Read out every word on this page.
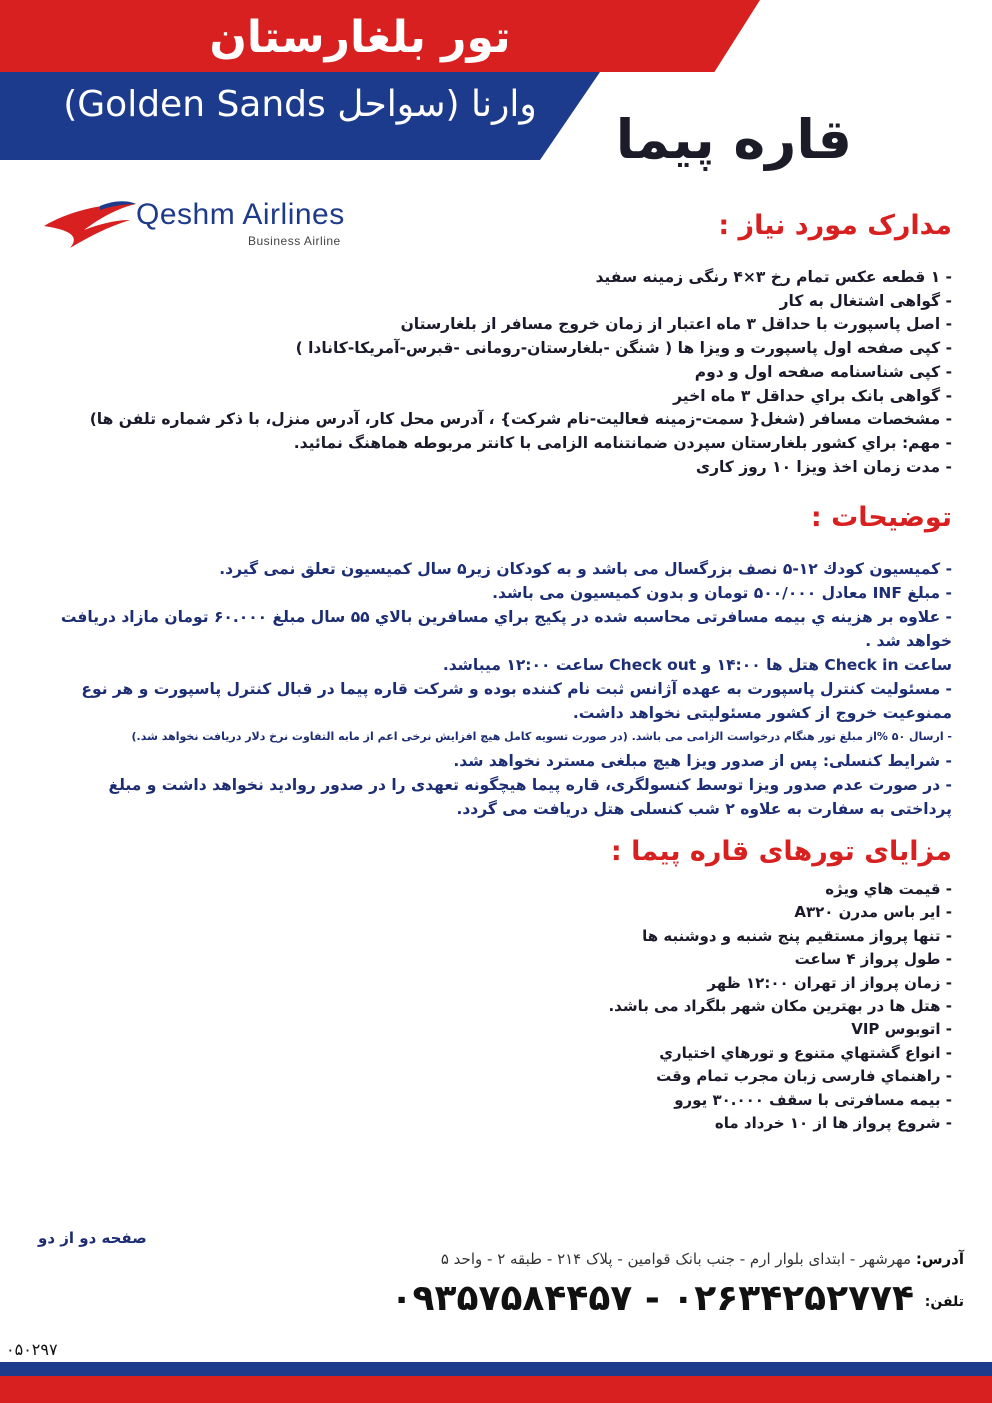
تور بلغارستان
وارنا (سواحل Golden Sands)
قاره پیما
Qeshm Airlines
Business Airline	مدارک مورد نیاز :
- ۱ قطعه عکس تمام رخ ۳×۴ رنگی زمینه سفید
- گواهی اشتغال به کار
- اصل پاسپورت با حداقل ۳ ماه اعتبار از زمان خروج مسافر از بلغارستان
- کپی صفحه اول پاسپورت و ویزا ها ( شنگن -بلغارستان-رومانی -قبرس-آمریکا-کانادا )
- کپی شناسنامه صفحه اول و دوم
- گواهی بانک براي حداقل ۳ ماه اخیر
- مشخصات مسافر (شغل{ سمت-زمینه فعالیت-نام شرکت} ، آدرس محل کار، آدرس منزل، با ذکر شماره تلفن ها)
- مهم: براي کشور بلغارستان سپردن ضمانتنامه الزامی با کانتر مربوطه هماهنگ نمائید.
- مدت زمان اخذ ویزا ۱۰ روز کاری
توضیحات :
- کمیسیون کودك ۱۲-۵ نصف بزرگسال می باشد و به کودکان زیر۵ سال کمیسیون تعلق نمی گیرد.
- مبلغ INF معادل ۵۰۰/۰۰۰ تومان و بدون کمیسیون می باشد.
- علاوه بر هزینه ي بیمه مسافرتی محاسبه شده در پکیج براي مسافرین بالاي ۵۵ سال مبلغ ۶۰.۰۰۰ تومان مازاد دریافت خواهد شد .
ساعت Check in هتل ها ۱۴:۰۰ و Check out ساعت ۱۲:۰۰ میباشد.
- مسئولیت کنترل پاسپورت به عهده آژانس ثبت نام کننده بوده و شرکت قاره پیما در قبال کنترل پاسپورت و هر نوع ممنوعیت خروج از کشور مسئولیتی نخواهد داشت.
- ارسال ۵۰ %از مبلغ تور هنگام درخواست الزامی می باشد. (در صورت تسویه کامل هیچ افزایش نرخی اعم از مابه التفاوت نرخ دلار دریافت نخواهد شد.)
- شرایط کنسلی: پس از صدور ویزا هیچ مبلغی مسترد نخواهد شد.
- در صورت عدم صدور ویزا توسط کنسولگری، قاره پیما هیچگونه تعهدی را در صدور روادید نخواهد داشت و مبلغ پرداختی به سفارت به علاوه ۲ شب کنسلی هتل دریافت می گردد.
مزایای تورهای قاره پیما :
- قیمت هاي ویژه
- ایر باس مدرن A۳۲۰
- تنها پرواز مستقیم پنج شنبه و دوشنبه ها
- طول پرواز ۴ ساعت
- زمان پرواز از تهران ۱۲:۰۰ ظهر
- هتل ها در بهترین مکان شهر بلگراد می باشد.
- اتوبوس VIP
- انواع گشتهاي متنوع و تورهاي اختیاري
- راهنماي فارسی زبان مجرب تمام وقت
- بیمه مسافرتی با سقف ۳۰.۰۰۰ یورو
- شروع پرواز ها از ۱۰ خرداد ماه
صفحه دو از دو
آدرس: مهرشهر - ابتدای بلوار ارم - جنب بانک قوامین - پلاک ۲۱۴ - طبقه ۲ - واحد ۵
تلفن:
۰۲۶۳۴۲۵۲۷۷۴ - ۰۹۳۵۷۵۸۴۴۵۷
۰۵۰۲۹۷
